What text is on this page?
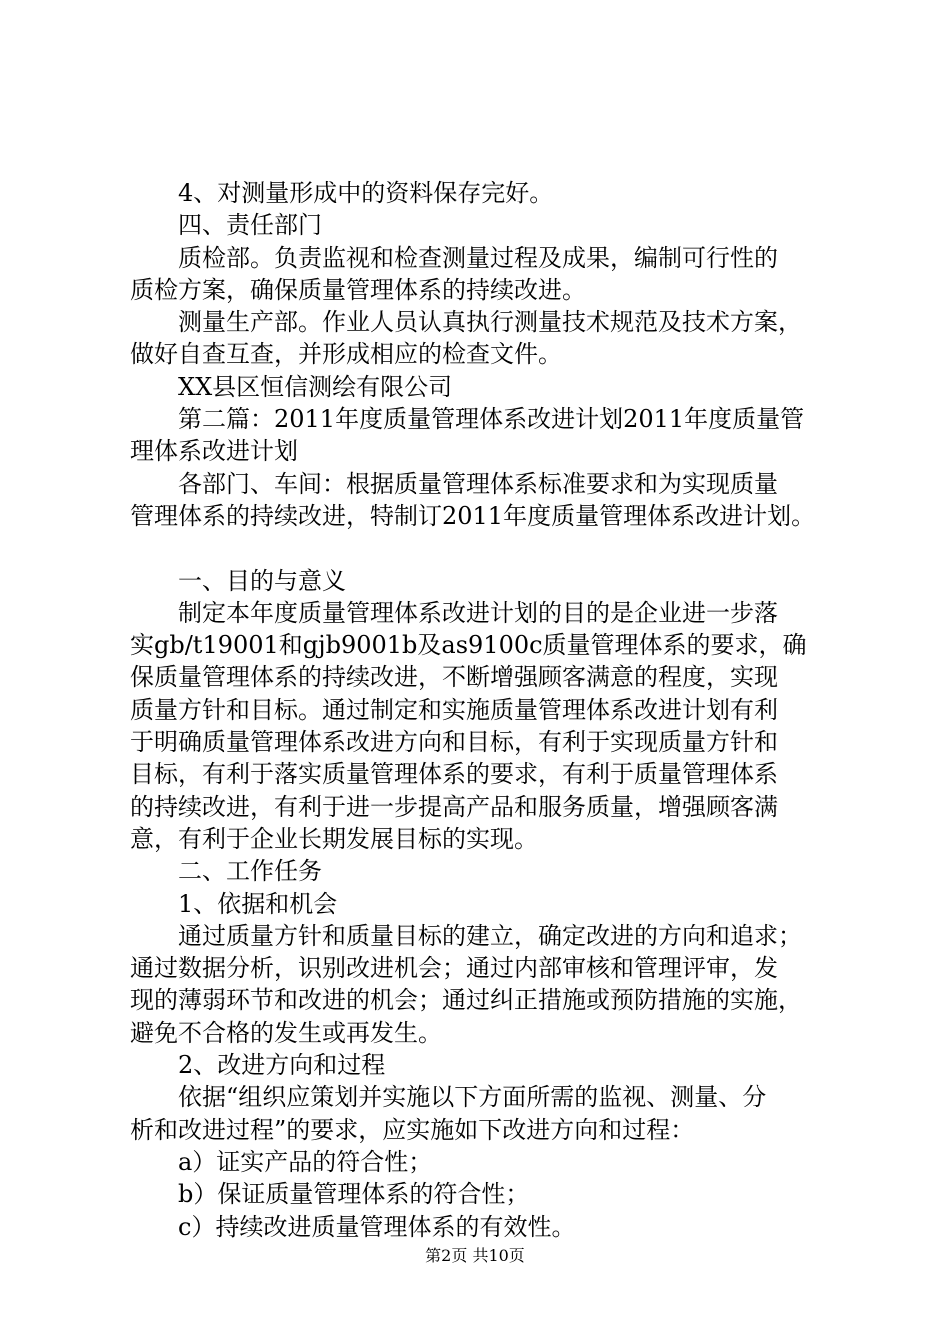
4、对测量形成中的资料保存完好。
四、责任部门
质检部。负责监视和检查测量过程及成果，编制可行性的
质检方案，确保质量管理体系的持续改进。
测量生产部。作业人员认真执行测量技术规范及技术方案，
做好自查互查，并形成相应的检查文件。
XX县区恒信测绘有限公司
第二篇：2011年度质量管理体系改进计划2011年度质量管
理体系改进计划
各部门、车间：根据质量管理体系标准要求和为实现质量
管理体系的持续改进，特制订2011年度质量管理体系改进计划。
一、目的与意义
制定本年度质量管理体系改进计划的目的是企业进一步落
实gb/t19001和gjb9001b及as9100c质量管理体系的要求，确
保质量管理体系的持续改进，不断增强顾客满意的程度，实现
质量方针和目标。通过制定和实施质量管理体系改进计划有利
于明确质量管理体系改进方向和目标，有利于实现质量方针和
目标，有利于落实质量管理体系的要求，有利于质量管理体系
的持续改进，有利于进一步提高产品和服务质量，增强顾客满
意，有利于企业长期发展目标的实现。
二、工作任务
1、依据和机会
通过质量方针和质量目标的建立，确定改进的方向和追求；
通过数据分析，识别改进机会；通过内部审核和管理评审，发
现的薄弱环节和改进的机会；通过纠正措施或预防措施的实施，
避免不合格的发生或再发生。
2、改进方向和过程
依据“组织应策划并实施以下方面所需的监视、测量、分
析和改进过程”的要求，应实施如下改进方向和过程：
a）证实产品的符合性；
b）保证质量管理体系的符合性；
c）持续改进质量管理体系的有效性。
第2页 共10页
